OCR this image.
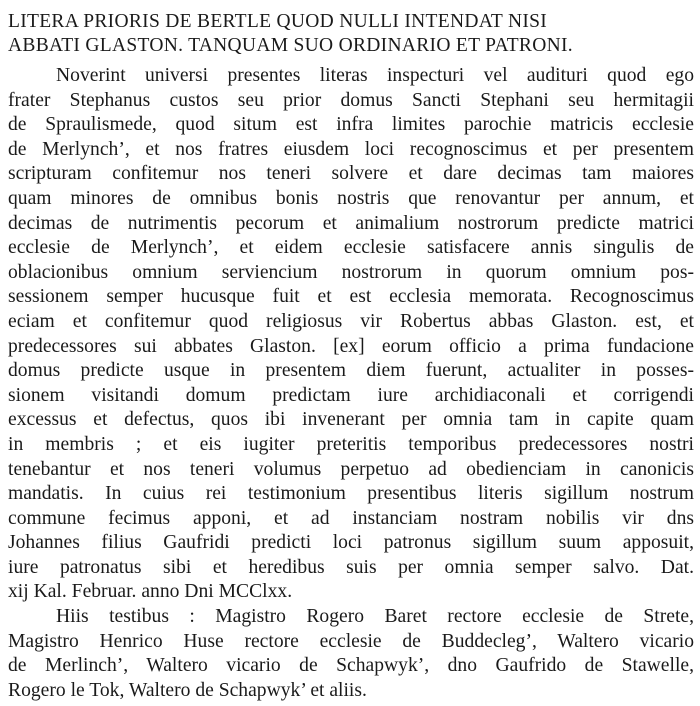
LITERA PRIORIS DE BERTLE QUOD NULLI INTENDAT NISI
ABBATI GLASTON. TANQUAM SUO ORDINARIO ET PATRONI.

Noverint universi presentes literas inspecturi vel audituri quod ego
frater Stephanus custos seu prior domus Sancti Stephani seu hermitagii
de Spraulismede, quod situm est infra limites parochie matricis ecclesie
de Merlynch’, et nos fratres eiusdem loci recognoscimus et per presentem
scripturam confitemur nos teneri solvere et dare decimas tam maiores
quam minores de omnibus bonis nostris que renovantur per annum, et
decimas de nutrimentis pecorum et animalium nostrorum predicte matrici
ecclesie de Merlynch’, et eidem ecclesie satisfacere annis singulis de
oblacionibus omnium serviencium nostrorum in quorum omnium pos-
sessionem semper hucusque fuit et est ecclesia memorata. Recognoscimus
eciam et confitemur quod religiosus vir Robertus abbas Glaston. est, et
predecessores sui abbates Glaston. [ex] eorum officio a prima fundacione
domus predicte usque in presentem diem fuerunt, actualiter in posses-
sionem visitandi domum predictam iure archidiaconali et corrigendi
excessus et defectus, quos ibi invenerant per omnia tam in capite quam
in membris ; et eis iugiter preteritis temporibus predecessores nostri
tenebantur et nos teneri volumus perpetuo ad obedienciam in canonicis
mandatis. In cuius rei testimonium presentibus literis sigillum nostrum
commune fecimus apponi, et ad instanciam nostram nobilis vir dns
Johannes filius Gaufridi predicti loci patronus sigillum suum apposuit,
iure patronatus sibi et heredibus suis per omnia semper salvo. Dat.
xij Kal. Februar. anno Dni MCClxx.

Hiis testibus : Magistro Rogero Baret rectore ecclesie de Strete,
Magistro Henrico Huse rectore ecclesie de Buddecleg’, Waltero vicario
de Merlinch’, Waltero vicario de Schapwyk’, dno Gaufrido de Stawelle,
Rogero le Tok, Waltero de Schapwyk’ et aliis.
